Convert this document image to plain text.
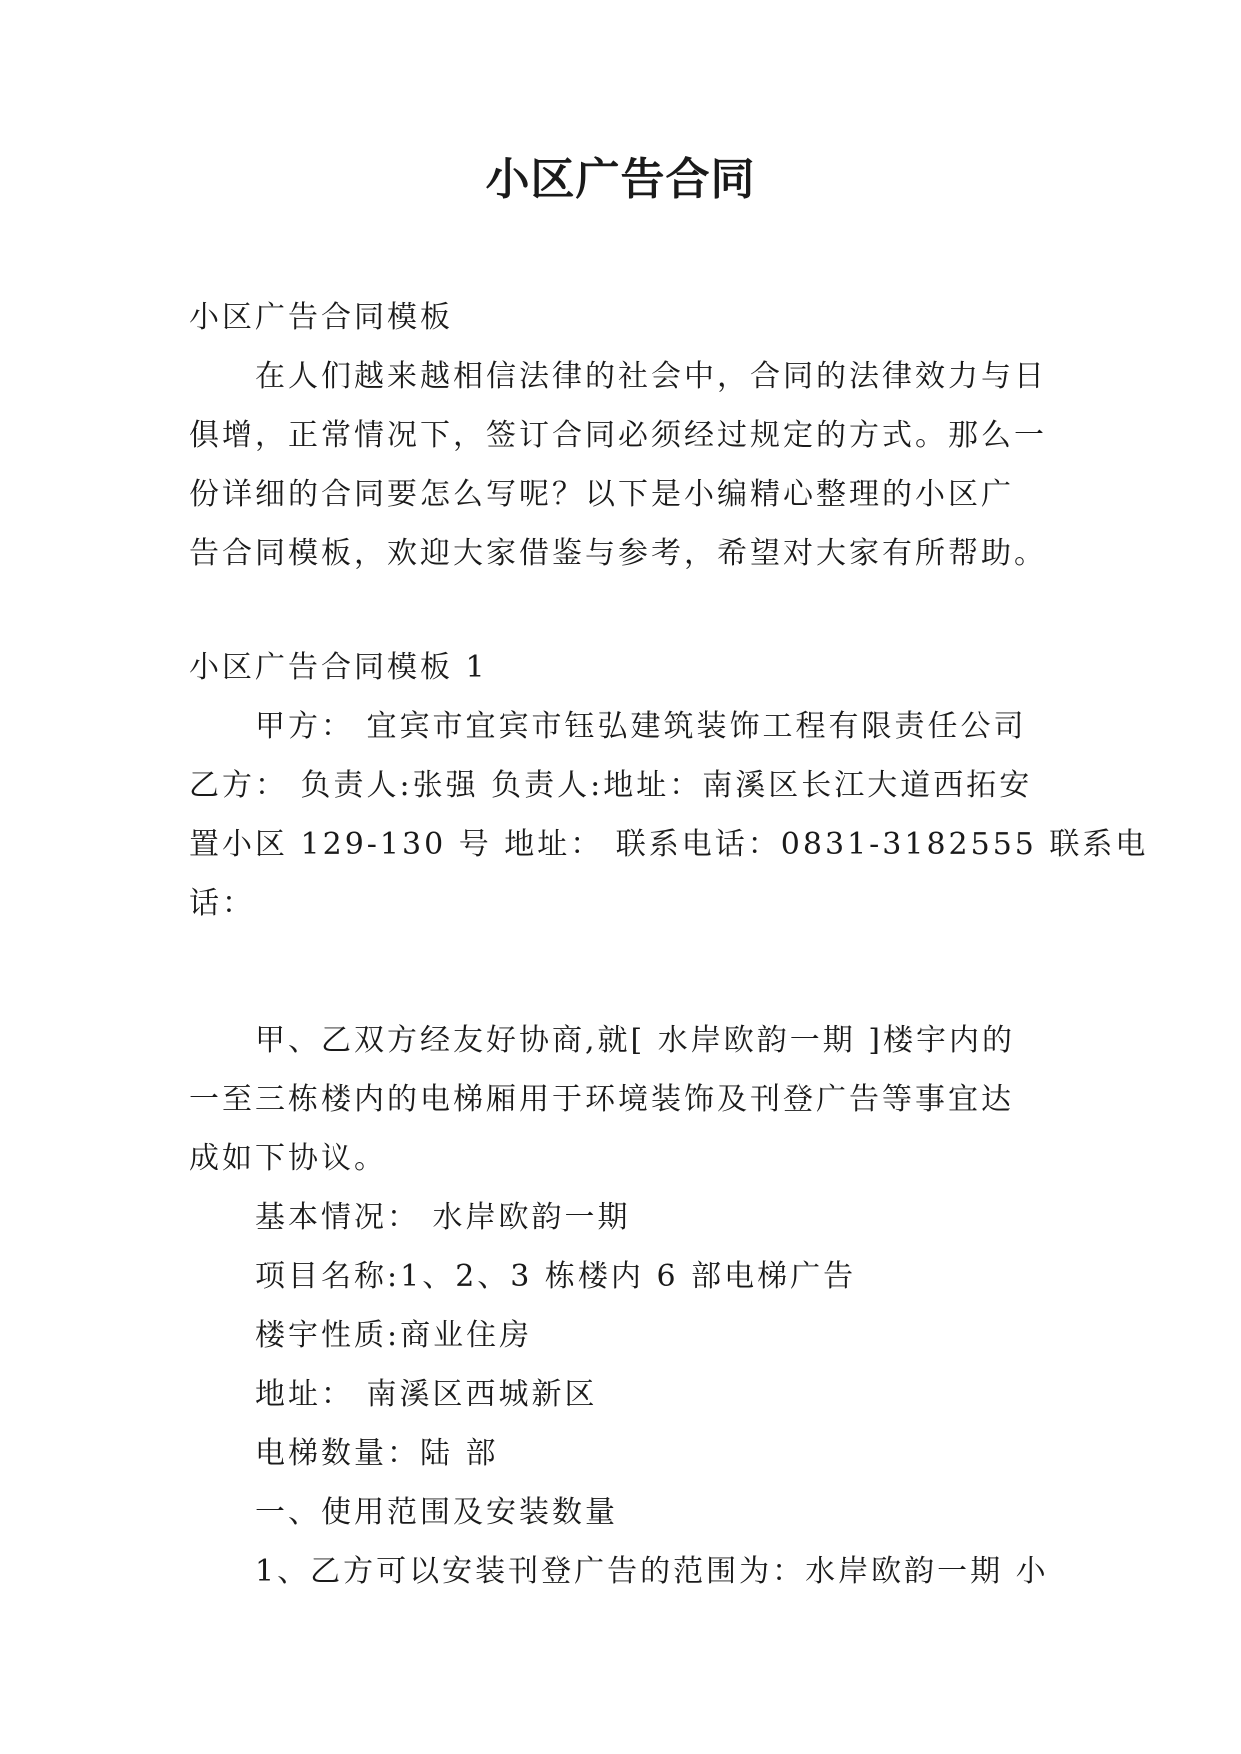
小区广告合同
小区广告合同模板
在人们越来越相信法律的社会中，合同的法律效力与日
俱增，正常情况下，签订合同必须经过规定的方式。那么一
份详细的合同要怎么写呢？以下是小编精心整理的小区广
告合同模板，欢迎大家借鉴与参考，希望对大家有所帮助。
小区广告合同模板 1
甲方： 宜宾市宜宾市钰弘建筑装饰工程有限责任公司
乙方： 负责人:张强 负责人:地址：南溪区长江大道西拓安
置小区 129-130 号 地址： 联系电话：0831-3182555 联系电
话：
甲、乙双方经友好协商,就[ 水岸欧韵一期 ]楼宇内的
一至三栋楼内的电梯厢用于环境装饰及刊登广告等事宜达
成如下协议。
基本情况： 水岸欧韵一期
项目名称:1、2、3 栋楼内 6 部电梯广告
楼宇性质:商业住房
地址： 南溪区西城新区
电梯数量：陆 部
一、使用范围及安装数量
1、乙方可以安装刊登广告的范围为：水岸欧韵一期 小
